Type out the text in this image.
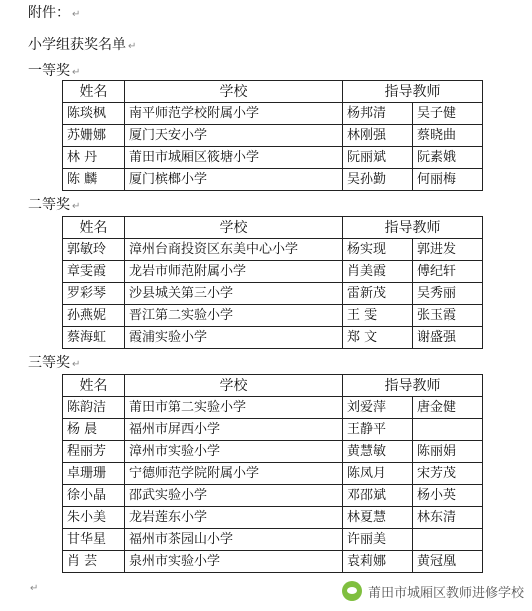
附件： ↵
小学组获奖名单 ↵
一等奖 ↵
姓名	学校	指导教师	
陈琰枫	南平师范学校附属小学	杨邦清	吴子健
苏姗娜	厦门天安小学	林刚强	蔡晓曲
林 丹	莆田市城厢区筱塘小学	阮丽斌	阮素娥
陈 麟	厦门槟榔小学	吴孙勤	何丽梅
二等奖 ↵
姓名	学校	指导教师	
郭敏玲	漳州台商投资区东美中心小学	杨实现	郭进发
章雯霞	龙岩市师范附属小学	肖美霞	傅纪轩
罗彩琴	沙县城关第三小学	雷新茂	吴秀丽
孙燕妮	晋江第二实验小学	王 雯	张玉霞
蔡海虹	霞浦实验小学	郑 文	谢盛强
三等奖 ↵
姓名	学校	指导教师	
陈韵洁	莆田市第二实验小学	刘爱萍	唐金健
杨 晨	福州市屏西小学	王静平	
程丽芳	漳州市实验小学	黄慧敏	陈丽娟
卓珊珊	宁德师范学院附属小学	陈凤月	宋芳茂
徐小晶	邵武实验小学	邓邵斌	杨小英
朱小美	龙岩莲东小学	林夏慧	林东清
甘华星	福州市茶园山小学	许丽美	
肖 芸	泉州市实验小学	袁莉娜	黄冠凰
↵	莆田市城厢区教师进修学校
